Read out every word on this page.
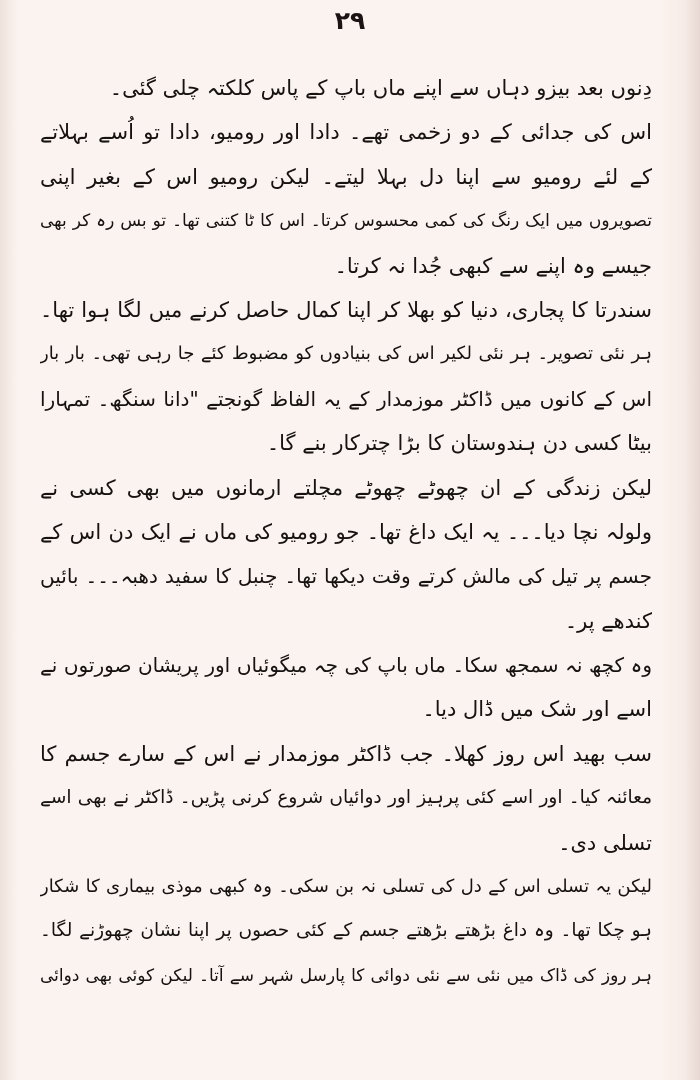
۲۹
دِنوں بعد بیزو دہاں سے اپنے ماں باپ کے پاس کلکتہ چلی گئی۔
اس کی جدائی کے دو زخمی تھے۔ دادا اور رومیو، دادا تو اُسے بہلاتے
کے لئے رومیو سے اپنا دل بہلا لیتے۔ لیکن رومیو اس کے بغیر اپنی
تصویروں میں ایک رنگ کی کمی محسوس کرتا۔ اس کا ٹا کتنی تھا۔ تو بس رہ کر بھی
جیسے وہ اپنے سے کبھی جُدا نہ کرتا۔
سندرتا کا پجاری، دنیا کو بھلا کر اپنا کمال حاصل کرنے میں لگا ہوا تھا۔
ہر نئی تصویر۔ ہر نئی لکیر اس کی بنیادوں کو مضبوط کئے جا رہی تھی۔ بار بار
اس کے کانوں میں ڈاکٹر موزمدار کے یہ الفاظ گونجتے "دانا سنگھ۔ تمہارا
بیٹا کسی دن ہندوستان کا بڑا چترکار بنے گا۔
لیکن زندگی کے ان چھوٹے چھوٹے مچلتے ارمانوں میں بھی کسی نے
ولولہ نچا دیا۔۔۔ یہ ایک داغ تھا۔ جو رومیو کی ماں نے ایک دن اس کے
جسم پر تیل کی مالش کرتے وقت دیکھا تھا۔ چنبل کا سفید دھبہ۔۔۔ بائیں
کندھے پر۔
وہ کچھ نہ سمجھ سکا۔ ماں باپ کی چہ میگوئیاں اور پریشان صورتوں نے
اسے اور شک میں ڈال دیا۔
سب بھید اس روز کھلا۔ جب ڈاکٹر موزمدار نے اس کے سارے جسم کا
معائنہ کیا۔ اور اسے کئی پرہیز اور دوائیاں شروع کرنی پڑیں۔ ڈاکٹر نے بھی اسے
تسلی دی۔
لیکن یہ تسلی اس کے دل کی تسلی نہ بن سکی۔ وہ کبھی موذی بیماری کا شکار
ہو چکا تھا۔ وہ داغ بڑھتے بڑھتے جسم کے کئی حصوں پر اپنا نشان چھوڑنے لگا۔
ہر روز کی ڈاک میں نئی سے نئی دوائی کا پارسل شہر سے آتا۔ لیکن کوئی بھی دوائی
